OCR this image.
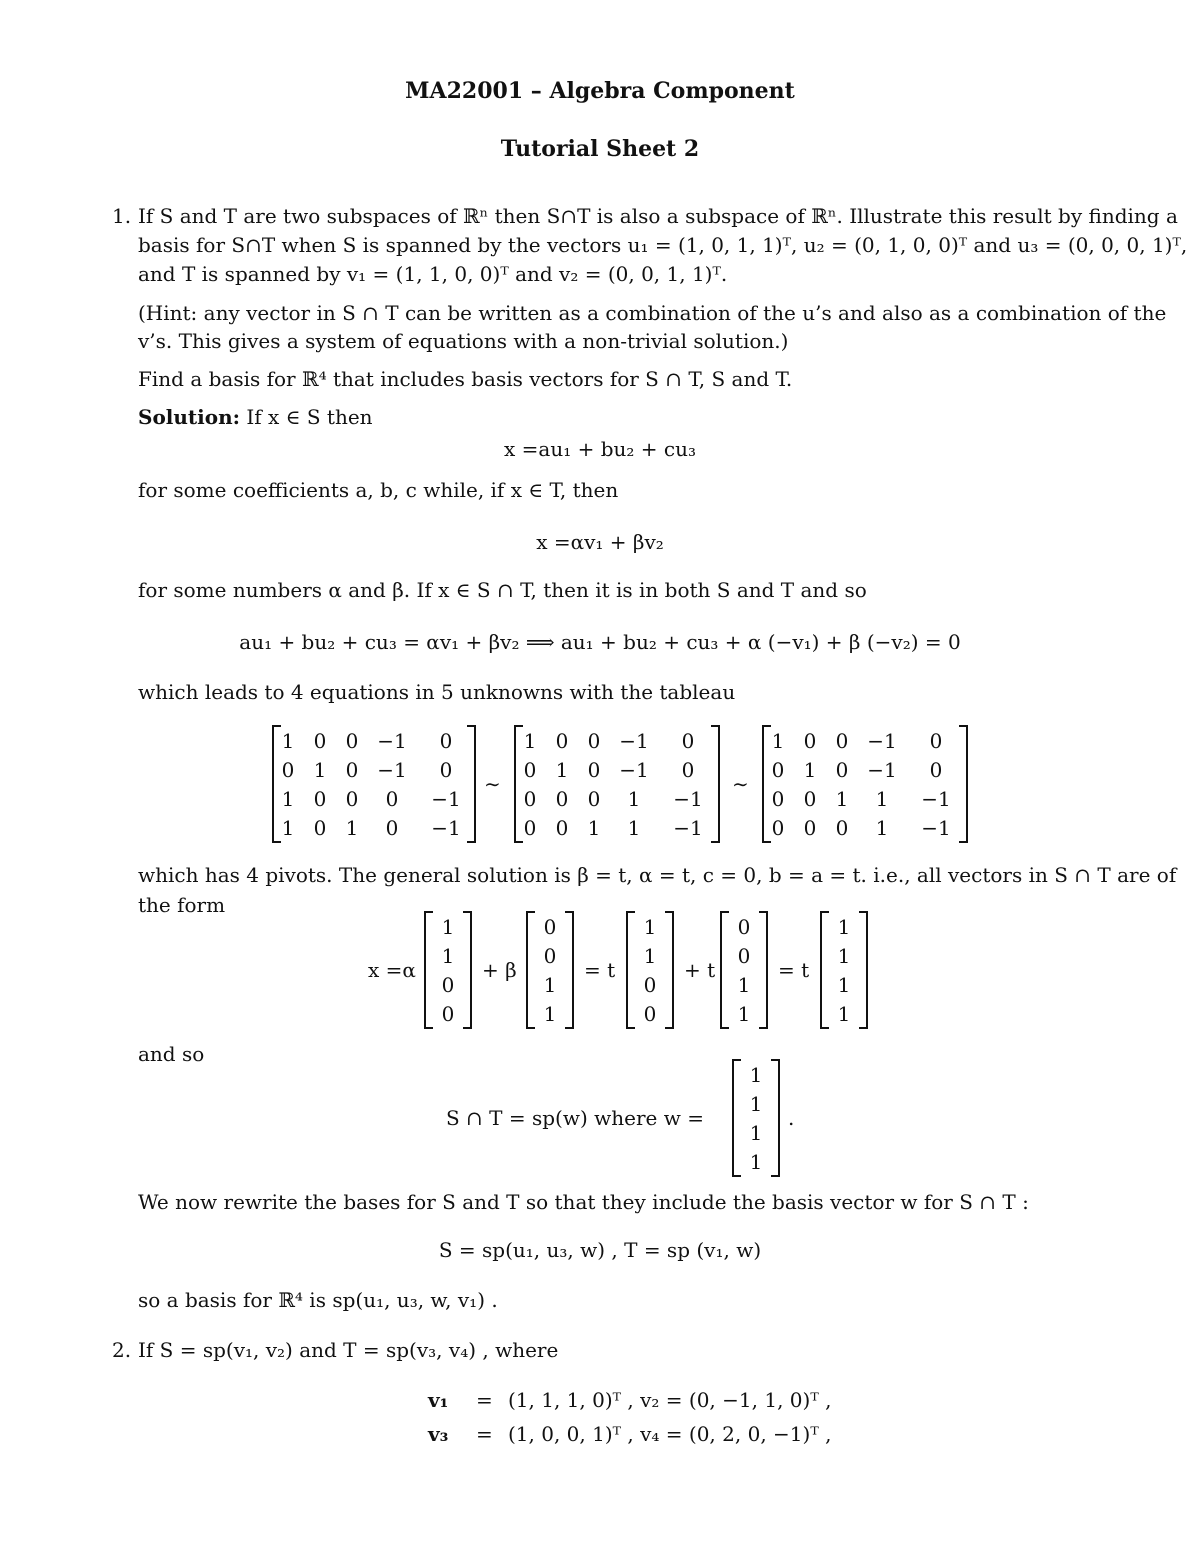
MA22001 – Algebra Component
Tutorial Sheet 2
1. If S and T are two subspaces of ℝⁿ then S∩T is also a subspace of ℝⁿ. Illustrate this result by finding a
basis for S∩T when S is spanned by the vectors u₁ = (1, 0, 1, 1)ᵀ, u₂ = (0, 1, 0, 0)ᵀ and u₃ = (0, 0, 0, 1)ᵀ,
and T is spanned by v₁ = (1, 1, 0, 0)ᵀ and v₂ = (0, 0, 1, 1)ᵀ.
(Hint: any vector in S ∩ T can be written as a combination of the u’s and also as a combination of the
v’s. This gives a system of equations with a non-trivial solution.)
Find a basis for ℝ⁴ that includes basis vectors for S ∩ T, S and T.
Solution: If x ∈ S then
x =au₁ + bu₂ + cu₃
for some coefficients a, b, c while, if x ∈ T, then
x =αv₁ + βv₂
for some numbers α and β. If x ∈ S ∩ T, then it is in both S and T and so
au₁ + bu₂ + cu₃ = αv₁ + βv₂ ⟹ au₁ + bu₂ + cu₃ + α (−v₁) + β (−v₂) = 0
which leads to 4 equations in 5 unknowns with the tableau
1 0 0 −1	0
0 1 0 −1	0
1 0 0	0	−1
1 0 1	0	−1
∼
1 0 0 −1	0
0 1 0 −1	0
0 0 0	1	−1
0 0 1	1	−1
∼
1 0 0 −1	0
0 1 0 −1	0
0 0 1	1	−1
0 0 0	1	−1
which has 4 pivots. The general solution is β = t, α = t, c = 0, b = a = t. i.e., all vectors in S ∩ T are of
the form
x =α
1
1
0
0
+ β
0
0
1
1
= t
1
1
0
0
+ t
0
0
1
1
= t
1
1
1
1
and so
S ∩ T = sp(w) where w =
1
1
1
1
.
We now rewrite the bases for S and T so that they include the basis vector w for S ∩ T :
S = sp(u₁, u₃, w) , T = sp (v₁, w)
so a basis for ℝ⁴ is sp(u₁, u₃, w, v₁) .
2. If S = sp(v₁, v₂) and T = sp(v₃, v₄) , where
v₁ = (1, 1, 1, 0)ᵀ , v₂ = (0, −1, 1, 0)ᵀ ,
v₃ = (1, 0, 0, 1)ᵀ , v₄ = (0, 2, 0, −1)ᵀ ,
